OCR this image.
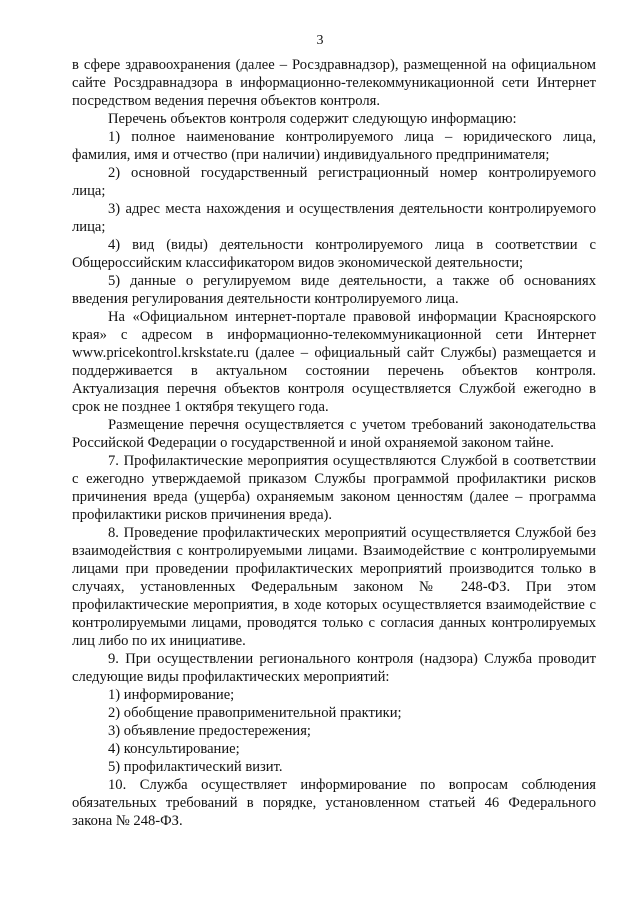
3

в сфере здравоохранения (далее – Росздравнадзор), размещенной на официальном сайте Росздравнадзора в информационно-телекоммуникационной сети Интернет посредством ведения перечня объектов контроля.

Перечень объектов контроля содержит следующую информацию:

1) полное наименование контролируемого лица – юридического лица, фамилия, имя и отчество (при наличии) индивидуального предпринимателя;

2) основной государственный регистрационный номер контролируемого лица;

3) адрес места нахождения и осуществления деятельности контролируемого лица;

4) вид (виды) деятельности контролируемого лица в соответствии с Общероссийским классификатором видов экономической деятельности;

5) данные о регулируемом виде деятельности, а также об основаниях введения регулирования деятельности контролируемого лица.

На «Официальном интернет-портале правовой информации Красноярского края» с адресом в информационно-телекоммуникационной сети Интернет www.pricekontrol.krskstate.ru (далее – официальный сайт Службы) размещается и поддерживается в актуальном состоянии перечень объектов контроля. Актуализация перечня объектов контроля осуществляется Службой ежегодно в срок не позднее 1 октября текущего года.

Размещение перечня осуществляется с учетом требований законодательства Российской Федерации о государственной и иной охраняемой законом тайне.

7. Профилактические мероприятия осуществляются Службой в соответствии с ежегодно утверждаемой приказом Службы программой профилактики рисков причинения вреда (ущерба) охраняемым законом ценностям (далее – программа профилактики рисков причинения вреда).

8. Проведение профилактических мероприятий осуществляется Службой без взаимодействия с контролируемыми лицами. Взаимодействие с контролируемыми лицами при проведении профилактических мероприятий производится только в случаях, установленных Федеральным законом № 248-ФЗ. При этом профилактические мероприятия, в ходе которых осуществляется взаимодействие с контролируемыми лицами, проводятся только с согласия данных контролируемых лиц либо по их инициативе.

9. При осуществлении регионального контроля (надзора) Служба проводит следующие виды профилактических мероприятий:

1) информирование;

2) обобщение правоприменительной практики;

3) объявление предостережения;

4) консультирование;

5) профилактический визит.

10. Служба осуществляет информирование по вопросам соблюдения обязательных требований в порядке, установленном статьей 46 Федерального закона № 248-ФЗ.
